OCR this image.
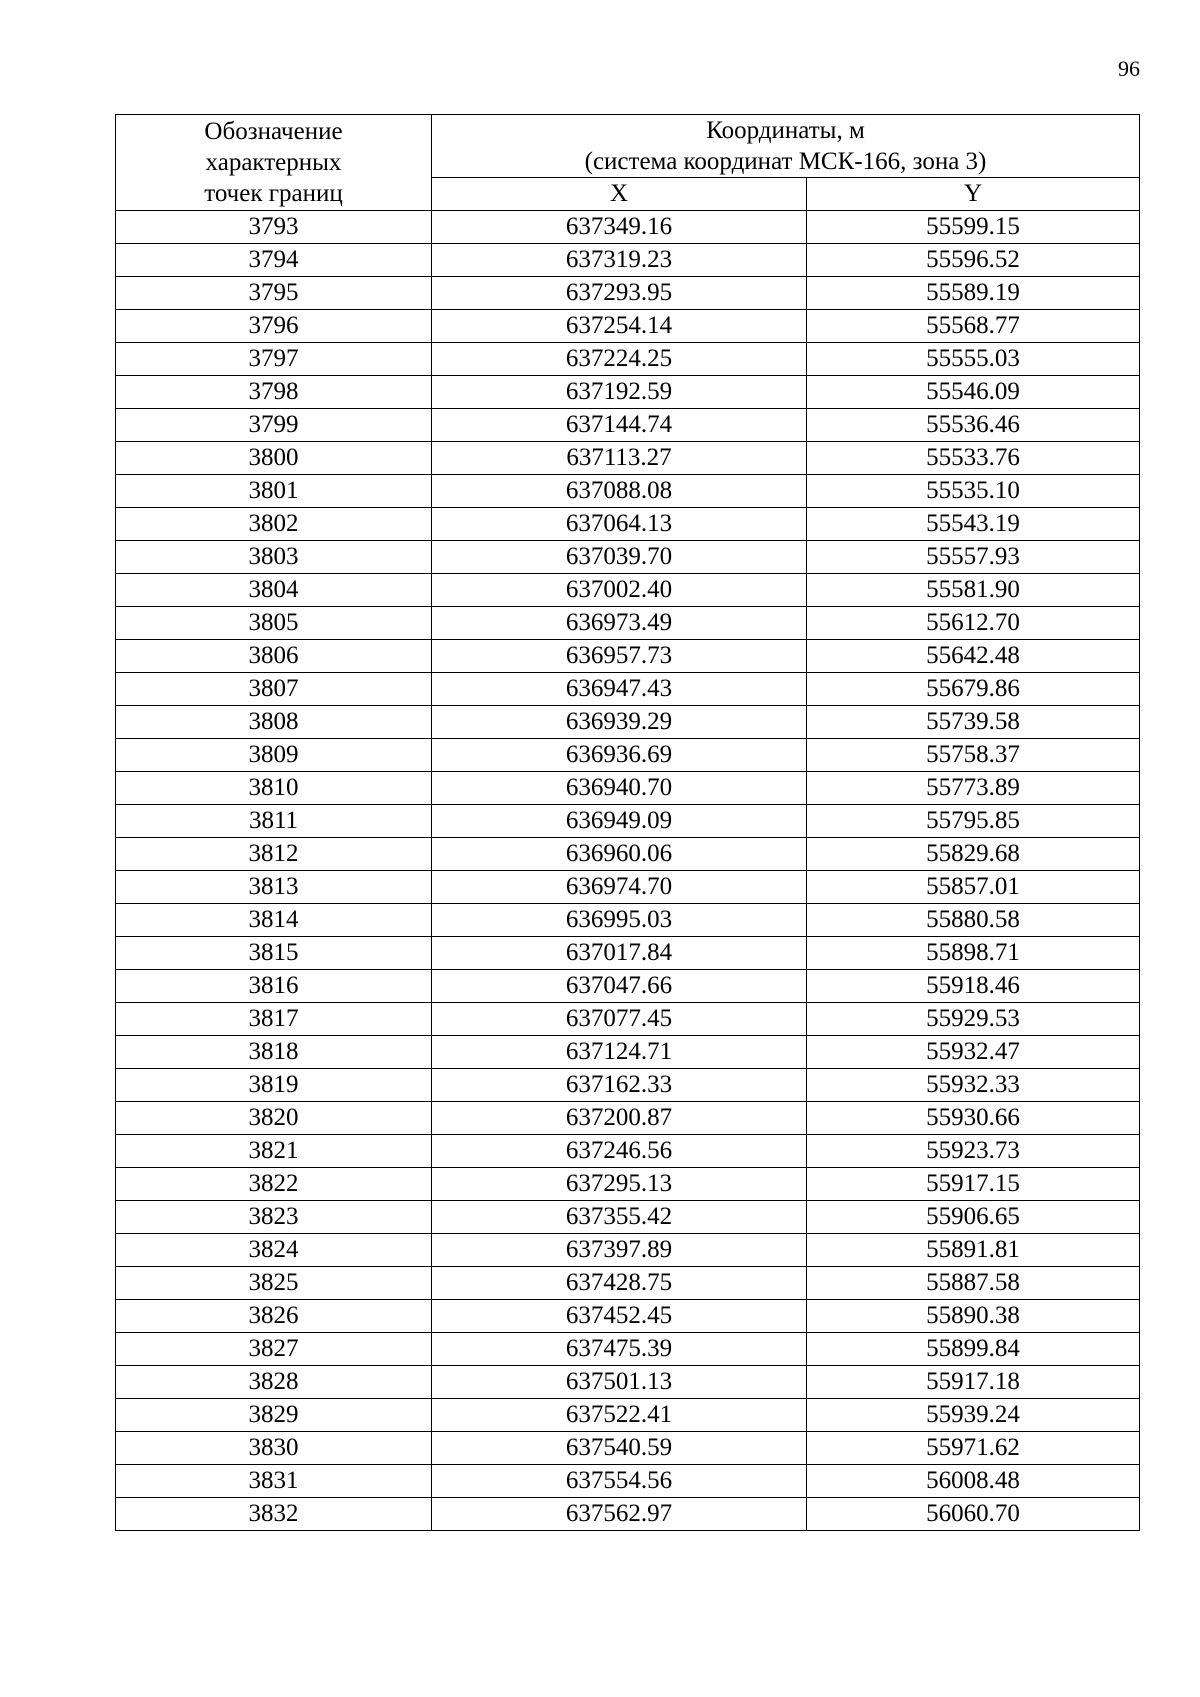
96
Обозначение
характерных
точек границ	Координаты, м
(система координат МСК-166, зона 3)	

	X	Y
3793	637349.16	55599.15
3794	637319.23	55596.52
3795	637293.95	55589.19
3796	637254.14	55568.77
3797	637224.25	55555.03
3798	637192.59	55546.09
3799	637144.74	55536.46
3800	637113.27	55533.76
3801	637088.08	55535.10
3802	637064.13	55543.19
3803	637039.70	55557.93
3804	637002.40	55581.90
3805	636973.49	55612.70
3806	636957.73	55642.48
3807	636947.43	55679.86
3808	636939.29	55739.58
3809	636936.69	55758.37
3810	636940.70	55773.89
3811	636949.09	55795.85
3812	636960.06	55829.68
3813	636974.70	55857.01
3814	636995.03	55880.58
3815	637017.84	55898.71
3816	637047.66	55918.46
3817	637077.45	55929.53
3818	637124.71	55932.47
3819	637162.33	55932.33
3820	637200.87	55930.66
3821	637246.56	55923.73
3822	637295.13	55917.15
3823	637355.42	55906.65
3824	637397.89	55891.81
3825	637428.75	55887.58
3826	637452.45	55890.38
3827	637475.39	55899.84
3828	637501.13	55917.18
3829	637522.41	55939.24
3830	637540.59	55971.62
3831	637554.56	56008.48
3832	637562.97	56060.70
